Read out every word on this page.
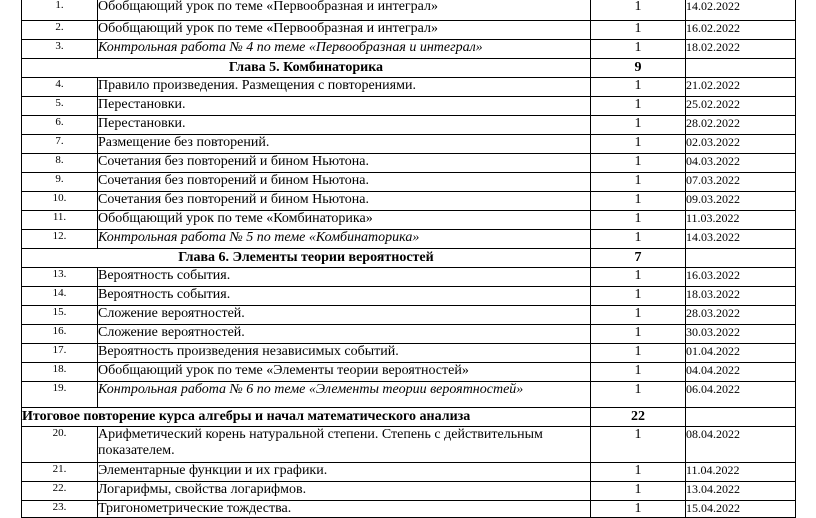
1.	Обобщающий урок по теме «Первообразная и интеграл»	1	14.02.2022
2.	Обобщающий урок по теме «Первообразная и интеграл»	1	16.02.2022
3.	Контрольная работа № 4 по теме «Первообразная и интеграл»	1	18.02.2022
Глава 5. Комбинаторика		9	
4.	Правило произведения. Размещения с повторениями.	1	21.02.2022
5.	Перестановки.	1	25.02.2022
6.	Перестановки.	1	28.02.2022
7.	Размещение без повторений.	1	02.03.2022
8.	Сочетания без повторений и бином Ньютона.	1	04.03.2022
9.	Сочетания без повторений и бином Ньютона.	1	07.03.2022
10.	Сочетания без повторений и бином Ньютона.	1	09.03.2022
11.	Обобщающий урок по теме «Комбинаторика»	1	11.03.2022
12.	Контрольная работа № 5 по теме «Комбинаторика»	1	14.03.2022
Глава 6. Элементы теории вероятностей		7	
13.	Вероятность события.	1	16.03.2022
14.	Вероятность события.	1	18.03.2022
15.	Сложение вероятностей.	1	28.03.2022
16.	Сложение вероятностей.	1	30.03.2022
17.	Вероятность произведения независимых событий.	1	01.04.2022
18.	Обобщающий урок по теме «Элементы теории вероятностей»	1	04.04.2022
19.	Контрольная работа № 6 по теме «Элементы теории вероятностей»	1	06.04.2022
Итоговое повторение курса алгебры и начал математического анализа		22	
20.	Арифметический корень натуральной степени. Степень с действительным показателем.	1	08.04.2022
21.	Элементарные функции и их графики.	1	11.04.2022
22.	Логарифмы, свойства логарифмов.	1	13.04.2022
23.	Тригонометрические тождества.	1	15.04.2022
